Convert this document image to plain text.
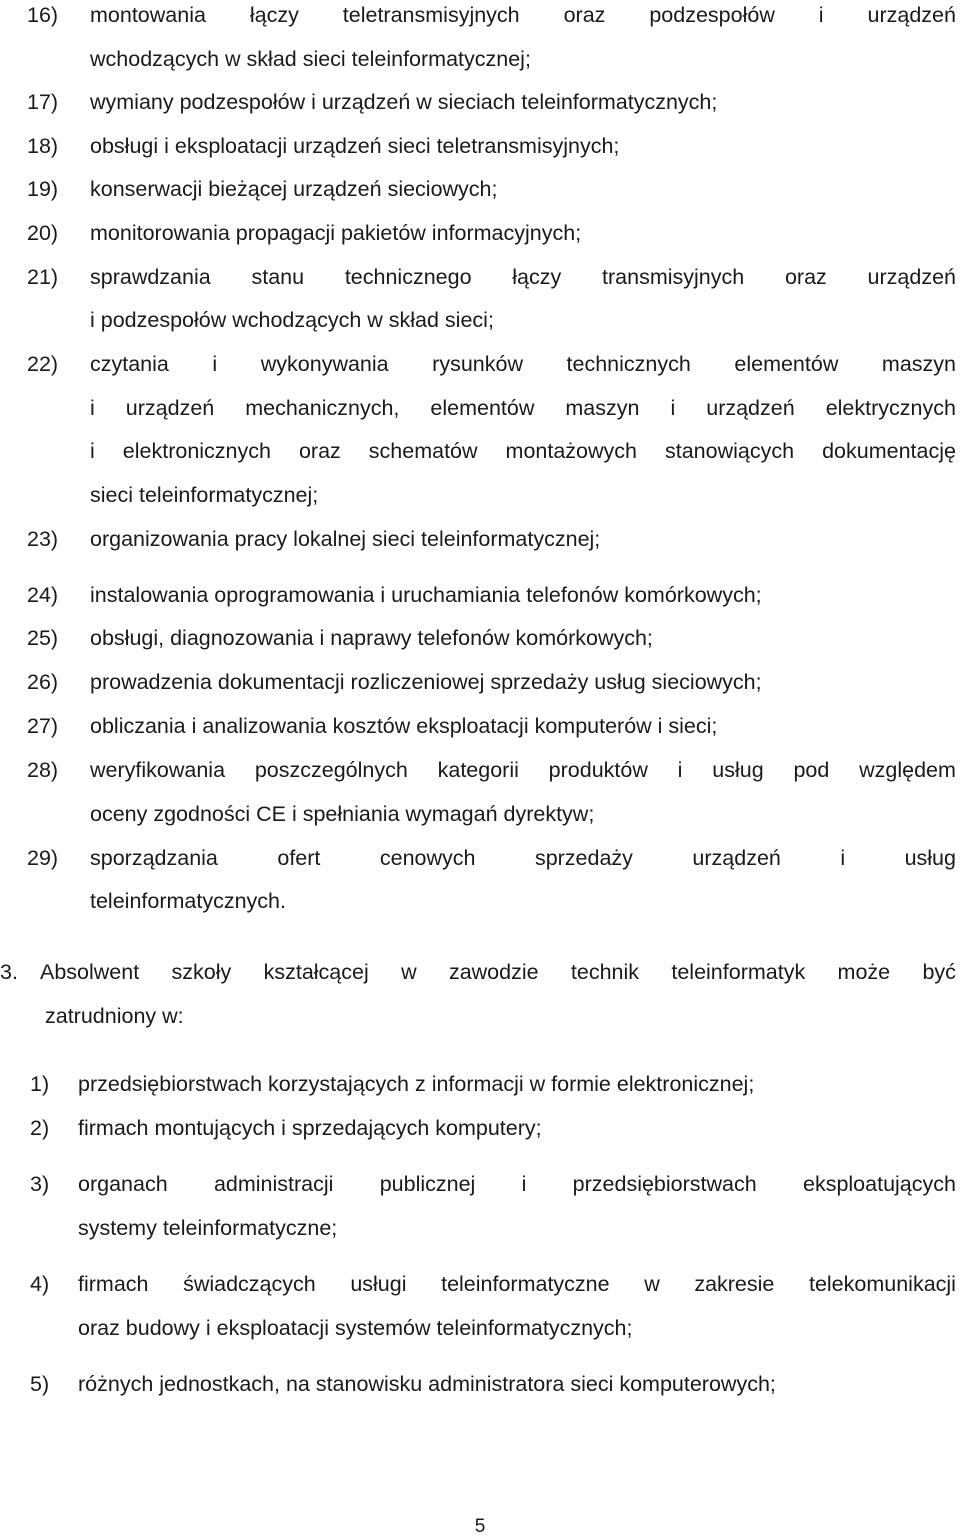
16) montowania łączy teletransmisyjnych oraz podzespołów i urządzeń
wchodzących w skład sieci teleinformatycznej;
17) wymiany podzespołów i urządzeń w sieciach teleinformatycznych;
18) obsługi i eksploatacji urządzeń sieci teletransmisyjnych;
19) konserwacji bieżącej urządzeń sieciowych;
20) monitorowania propagacji pakietów informacyjnych;
21) sprawdzania stanu technicznego łączy transmisyjnych oraz urządzeń
i podzespołów wchodzących w skład sieci;
22) czytania i wykonywania rysunków technicznych elementów maszyn
i urządzeń mechanicznych, elementów maszyn i urządzeń elektrycznych
i elektronicznych oraz schematów montażowych stanowiących dokumentację
sieci teleinformatycznej;
23) organizowania pracy lokalnej sieci teleinformatycznej;
24) instalowania oprogramowania i uruchamiania telefonów komórkowych;
25) obsługi, diagnozowania i naprawy telefonów komórkowych;
26) prowadzenia dokumentacji rozliczeniowej sprzedaży usług sieciowych;
27) obliczania i analizowania kosztów eksploatacji komputerów i sieci;
28) weryfikowania poszczególnych kategorii produktów i usług pod względem
oceny zgodności CE i spełniania wymagań dyrektyw;
29) sporządzania	ofert	cenowych	sprzedaży	urządzeń	i	usług
teleinformatycznych.
3. Absolwent szkoły kształcącej w zawodzie technik teleinformatyk może być
zatrudniony w:
1) przedsiębiorstwach korzystających z informacji w formie elektronicznej;
2) firmach montujących i sprzedających komputery;
3) organach administracji publicznej i przedsiębiorstwach eksploatujących
systemy teleinformatyczne;
4) firmach świadczących usługi teleinformatyczne w zakresie telekomunikacji
oraz budowy i eksploatacji systemów teleinformatycznych;
5) różnych jednostkach, na stanowisku administratora sieci komputerowych;
5
